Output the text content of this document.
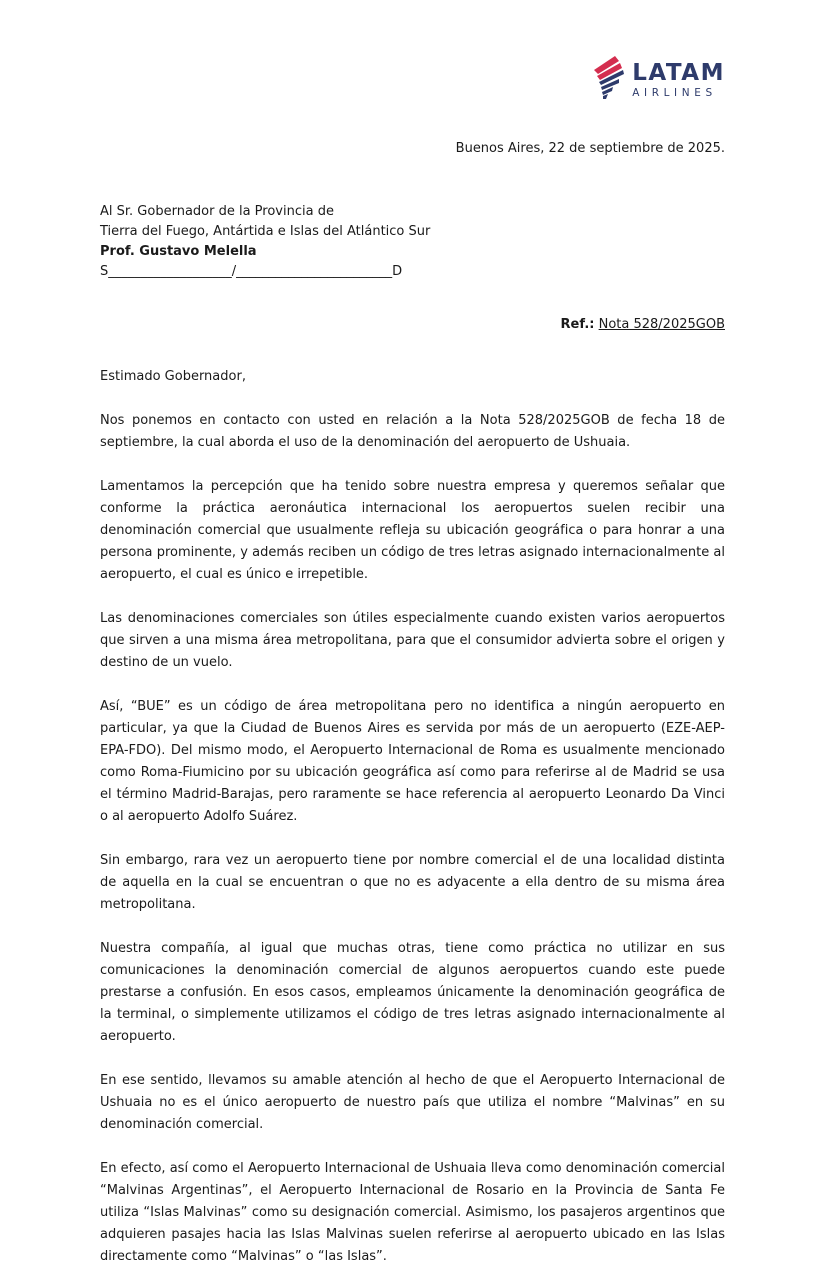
LATAM
AIRLINES
Buenos Aires, 22 de septiembre de 2025.
Al Sr. Gobernador de la Provincia de
Tierra del Fuego, Antártida e Islas del Atlántico Sur
Prof. Gustavo Melella
S___________________/________________________D
Ref.: Nota 528/2025GOB

Estimado Gobernador,

Nos ponemos en contacto con usted en relación a la Nota 528/2025GOB de fecha 18 de septiembre, la cual aborda el uso de la denominación del aeropuerto de Ushuaia.

Lamentamos la percepción que ha tenido sobre nuestra empresa y queremos señalar que conforme la práctica aeronáutica internacional los aeropuertos suelen recibir una denominación comercial que usualmente refleja su ubicación geográfica o para honrar a una persona prominente, y además reciben un código de tres letras asignado internacionalmente al aeropuerto, el cual es único e irrepetible.

Las denominaciones comerciales son útiles especialmente cuando existen varios aeropuertos que sirven a una misma área metropolitana, para que el consumidor advierta sobre el origen y destino de un vuelo.

Así, “BUE” es un código de área metropolitana pero no identifica a ningún aeropuerto en particular, ya que la Ciudad de Buenos Aires es servida por más de un aeropuerto (EZE-AEP-EPA-FDO). Del mismo modo, el Aeropuerto Internacional de Roma es usualmente mencionado como Roma-Fiumicino por su ubicación geográfica así como para referirse al de Madrid se usa el término Madrid-Barajas, pero raramente se hace referencia al aeropuerto Leonardo Da Vinci o al aeropuerto Adolfo Suárez.

Sin embargo, rara vez un aeropuerto tiene por nombre comercial el de una localidad distinta de aquella en la cual se encuentran o que no es adyacente a ella dentro de su misma área metropolitana.

Nuestra compañía, al igual que muchas otras, tiene como práctica no utilizar en sus comunicaciones la denominación comercial de algunos aeropuertos cuando este puede prestarse a confusión. En esos casos, empleamos únicamente la denominación geográfica de la terminal, o simplemente utilizamos el código de tres letras asignado internacionalmente al aeropuerto.

En ese sentido, llevamos su amable atención al hecho de que el Aeropuerto Internacional de Ushuaia no es el único aeropuerto de nuestro país que utiliza el nombre “Malvinas” en su denominación comercial.

En efecto, así como el Aeropuerto Internacional de Ushuaia lleva como denominación comercial “Malvinas Argentinas”, el Aeropuerto Internacional de Rosario en la Provincia de Santa Fe utiliza “Islas Malvinas” como su designación comercial. Asimismo, los pasajeros argentinos que adquieren pasajes hacia las Islas Malvinas suelen referirse al aeropuerto ubicado en las Islas directamente como “Malvinas” o “las Islas”.
